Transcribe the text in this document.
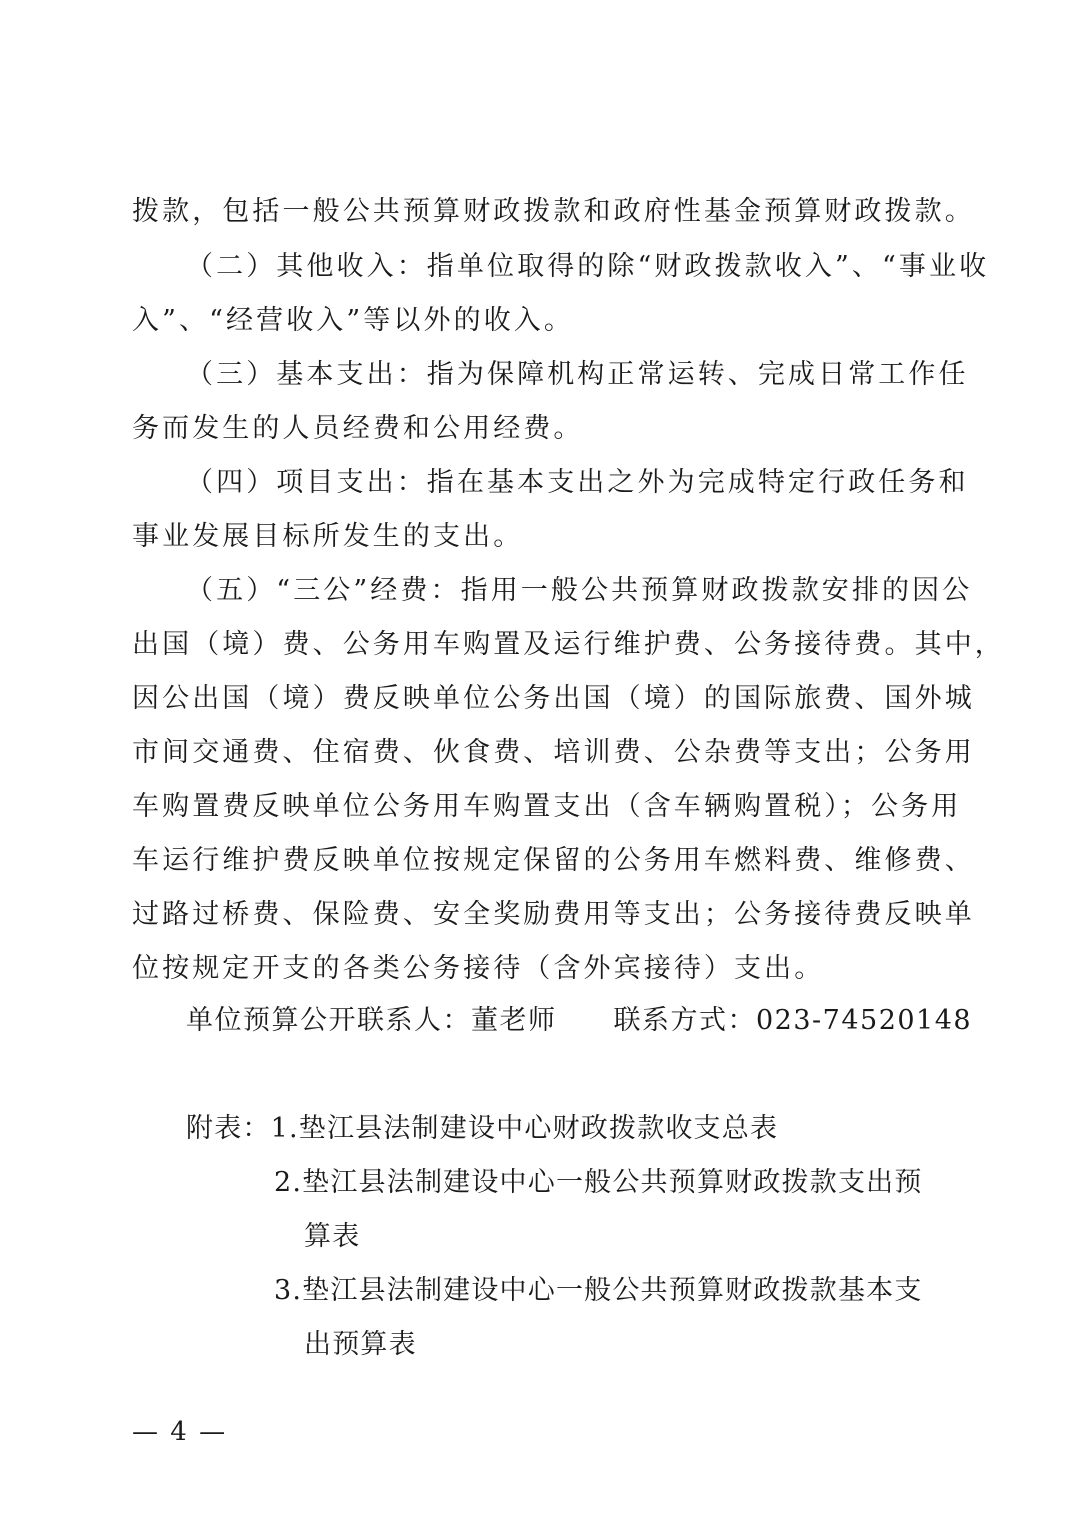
拨款，包括一般公共预算财政拨款和政府性基金预算财政拨款。
（二）其他收入：指单位取得的除“财政拨款收入”、“事业收
入”、“经营收入”等以外的收入。
（三）基本支出：指为保障机构正常运转、完成日常工作任
务而发生的人员经费和公用经费。
（四）项目支出：指在基本支出之外为完成特定行政任务和
事业发展目标所发生的支出。
（五）“三公”经费：指用一般公共预算财政拨款安排的因公
出国（境）费、公务用车购置及运行维护费、公务接待费。其中，
因公出国（境）费反映单位公务出国（境）的国际旅费、国外城
市间交通费、住宿费、伙食费、培训费、公杂费等支出；公务用
车购置费反映单位公务用车购置支出（含车辆购置税）；公务用
车运行维护费反映单位按规定保留的公务用车燃料费、维修费、
过路过桥费、保险费、安全奖励费用等支出；公务接待费反映单
位按规定开支的各类公务接待（含外宾接待）支出。
单位预算公开联系人：董老师　　联系方式：023-74520148
附表：1.垫江县法制建设中心财政拨款收支总表
2.垫江县法制建设中心一般公共预算财政拨款支出预
算表
3.垫江县法制建设中心一般公共预算财政拨款基本支
出预算表
— 4 —
